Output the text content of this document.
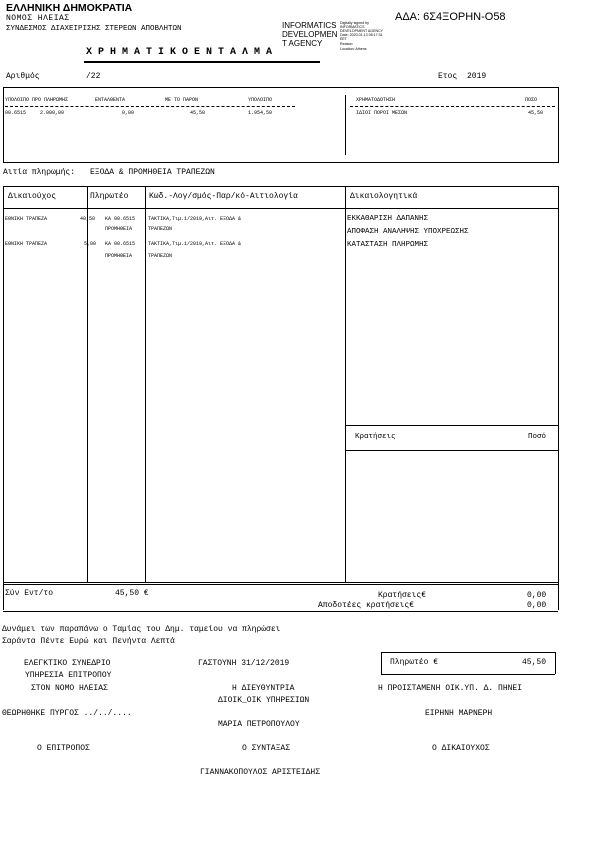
ΕΛΛΗΝΙΚΗ ΔΗΜΟΚΡΑΤΙΑ
ΝΟΜΟΣ ΗΛΕΙΑΣ
ΣΥΝΔΕΣΜΟΣ ΔΙΑΧΕΙΡΙΣΗΣ ΣΤΕΡΕΩΝ ΑΠΟΒΛΗΤΩΝ	INFORMATICS
DEVELOPMEN
T AGENCY
Digitally signed by
INFORMATICS
DEVELOPMENT AGENCY
Date: 2020.01.13 08:17:31
EET
Reason:
Location: Athens
ΑΔΑ: 6Σ4ΞΟΡΗΝ-Ο58
Χ Ρ Η Μ Α Τ Ι Κ Ο Ε Ν Τ Α Λ Μ Α
Αριθμός	/22	Ετος 2019
ΥΠΟΛΟΙΠΟ ΠΡΟ ΠΛΗΡΩΜΗΣ	ΕΝΤΑΛΘΕΝΤΑ	ΜΕ ΤΟ ΠΑΡΟΝ	ΥΠΟΛΟΙΠΟ	ΧΡΗΜΑΤΟΔΟΤΗΣΗ	ΠΟΣΟ
00.6515	2.000,00	0,00	45,50	1.954,50	ΙΔΙΟΙ ΠΟΡΟΙ ΜΕΣΩΝ	45,50
Αιτία πληρωμής: ΕΞΟΔΑ & ΠΡΟΜΗΘΕΙΑ ΤΡΑΠΕΖΩΝ
Δικαιούχος	Πληρωτέο	Κωδ.-Λογ/σμός-Παρ/κό-Αιτιολογία	Δικαιολογητικά
ΕΘΝΙΚΗ ΤΡΑΠΕΖΑ	40,50 ΚΑ 00.6515	ΤΑΚΤΙΚΑ,Τιμ.1/2019,Αιτ. ΕΞΟΔΑ &
ΠΡΟΜΗΘΕΙΑ	ΤΡΑΠΕΖΩΝ
ΕΘΝΙΚΗ ΤΡΑΠΕΖΑ	5,00 ΚΑ 00.6515	ΤΑΚΤΙΚΑ,Τιμ.1/2019,Αιτ. ΕΞΟΔΑ &
ΠΡΟΜΗΘΕΙΑ	ΤΡΑΠΕΖΩΝ
ΕΚΚΑΘΑΡΙΣΗ ΔΑΠΑΝΗΣ
ΑΠΟΦΑΣΗ ΑΝΑΛΗΨΗΣ ΥΠΟΧΡΕΩΣΗΣ
ΚΑΤΑΣΤΑΣΗ ΠΛΗΡΩΜΗΣ
Κρατήσεις	Ποσό
Σύν Εντ/το	45,50 €	Κρατήσεις€	0,00
Αποδοτέες κρατήσεις€	0,00
Δυνάμει των παραπάνω ο Ταμίας του Δημ. ταμείου να πληρώσει
Σαράντα Πέντε Ευρώ και Πενήντα Λεπτά
ΕΛΕΓΚΤΙΚΟ ΣΥΝΕΔΡΙΟ
ΥΠΗΡΕΣΙΑ ΕΠΙΤΡΟΠΟΥ
ΣΤΟΝ ΝΟΜΟ ΗΛΕΙΑΣ
ΓΑΣΤΟΥΝΗ 31/12/2019	Πληρωτέο €	45,50
Η ΔΙΕΥΘΥΝΤΡΙΑ
ΔΙΟΙΚ_ΟΙΚ ΥΠΗΡΕΣΙΩΝ
Η ΠΡΟΙΣΤΑΜΕΝΗ ΟΙΚ.ΥΠ. Δ. ΠΗΝΕΙ
ΘΕΩΡΗΘΗΚΕ ΠΥΡΓΟΣ ../../....
ΜΑΡΙΑ ΠΕΤΡΟΠΟΥΛΟΥ
ΕΙΡΗΝΗ ΜΑΡΝΕΡΗ
Ο ΕΠΙΤΡΟΠΟΣ	Ο ΣΥΝΤΑΞΑΣ	Ο ΔΙΚΑΙΟΥΧΟΣ
ΓΙΑΝΝΑΚΟΠΟΥΛΟΣ ΑΡΙΣΤΕΙΔΗΣ
